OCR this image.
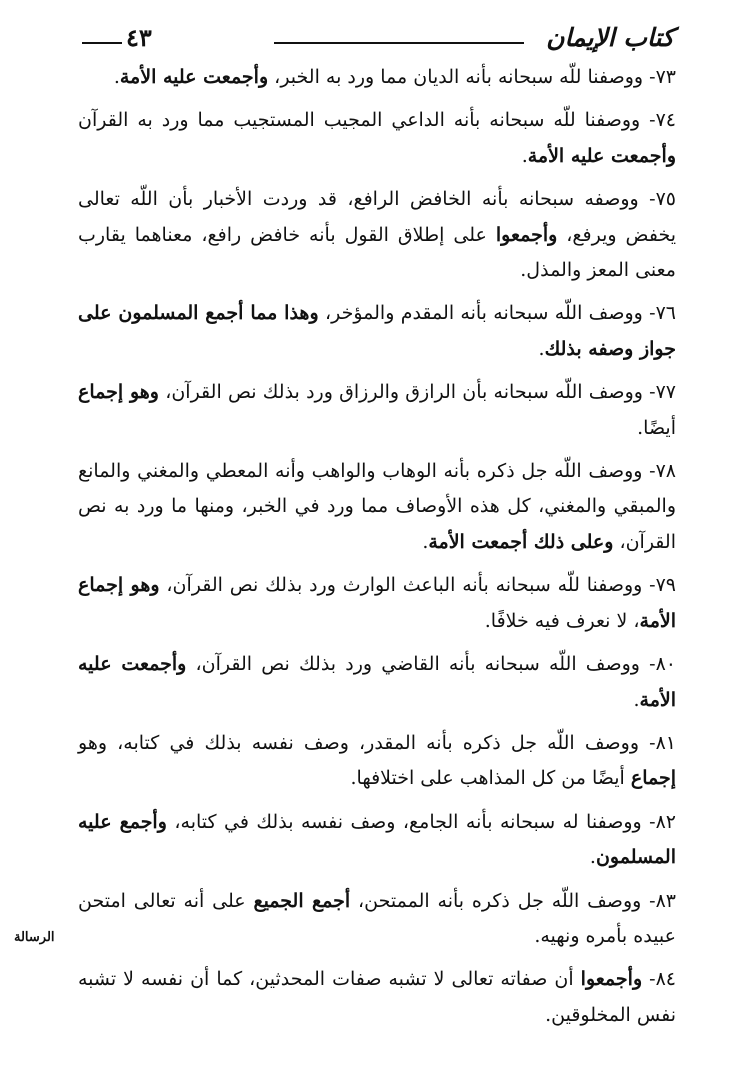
كتاب الإيمان
٤٣

٧٣- ووصفنا للّه سبحانه بأنه الديان مما ورد به الخبر، وأجمعت عليه الأمة.

٧٤- ووصفنا للّه سبحانه بأنه الداعي المجيب المستجيب مما ورد به القرآن وأجمعت عليه الأمة.

٧٥- ووصفه سبحانه بأنه الخافض الرافع، قد وردت الأخبار بأن اللّه تعالى يخفض ويرفع، وأجمعوا على إطلاق القول بأنه خافض رافع، معناهما يقارب معنى المعز والمذل.

٧٦- ووصف اللّه سبحانه بأنه المقدم والمؤخر، وهذا مما أجمع المسلمون على جواز وصفه بذلك.

٧٧- ووصف اللّه سبحانه بأن الرازق والرزاق ورد بذلك نص القرآن، وهو إجماع أيضًا.

٧٨- ووصف اللّه جل ذكره بأنه الوهاب والواهب وأنه المعطي والمغني والمانع والمبقي والمغني، كل هذه الأوصاف مما ورد في الخبر، ومنها ما ورد به نص القرآن، وعلى ذلك أجمعت الأمة.

٧٩- ووصفنا للّه سبحانه بأنه الباعث الوارث ورد بذلك نص القرآن، وهو إجماع الأمة، لا نعرف فيه خلافًا.

٨٠- ووصف اللّه سبحانه بأنه القاضي ورد بذلك نص القرآن، وأجمعت عليه الأمة.

٨١- ووصف اللّه جل ذكره بأنه المقدر، وصف نفسه بذلك في كتابه، وهو إجماع أيضًا من كل المذاهب على اختلافها.

٨٢- ووصفنا له سبحانه بأنه الجامع، وصف نفسه بذلك في كتابه، وأجمع عليه المسلمون.

٨٣- ووصف اللّه جل ذكره بأنه الممتحن، أجمع الجميع على أنه تعالى امتحن عبيده بأمره ونهيه.

٨٤- وأجمعوا أن صفاته تعالى لا تشبه صفات المحدثين، كما أن نفسه لا تشبه نفس المخلوقين.

الرسالة
